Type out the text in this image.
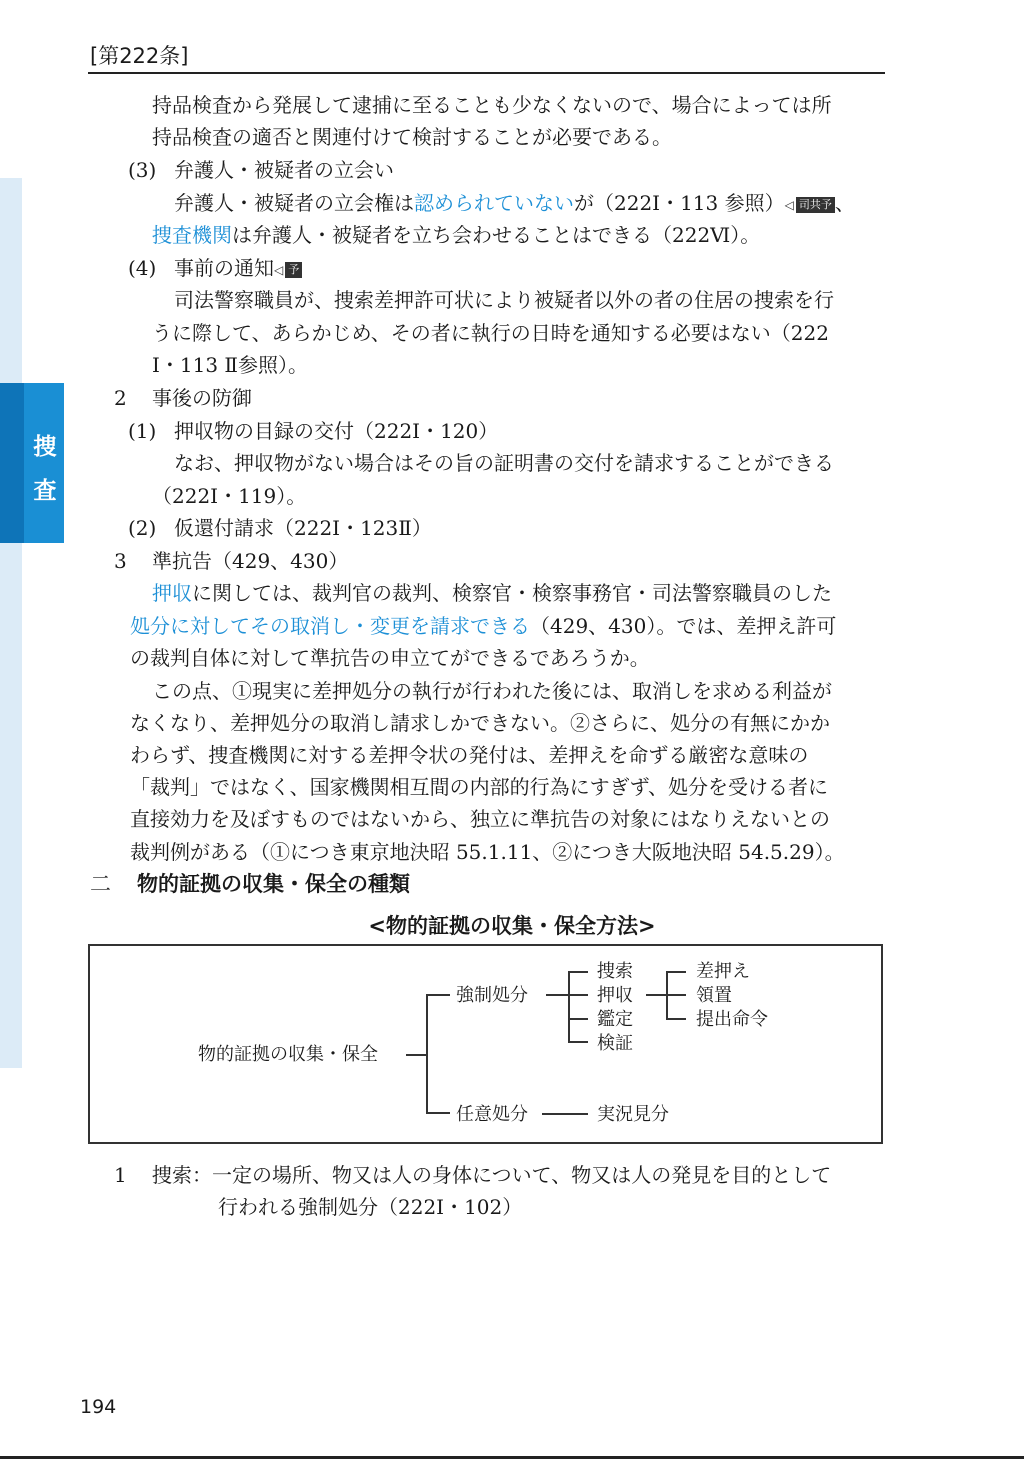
捜
査
[第222条]
持品検査から発展して逮捕に至ることも少なくないので、場合によっては所
持品検査の適否と関連付けて検討することが必要である。
(3) 弁護人・被疑者の立会い
弁護人・被疑者の立会権は認められていないが（222Ⅰ・113 参照）◁ 司共予 、
捜査機関は弁護人・被疑者を立ち会わせることはできる（222Ⅵ）。
(4) 事前の通知◁ 予
司法警察職員が、捜索差押許可状により被疑者以外の者の住居の捜索を行
うに際して、あらかじめ、その者に執行の日時を通知する必要はない（222
Ⅰ・113 Ⅱ参照）。
2 事後の防御
(1) 押収物の目録の交付（222Ⅰ・120）
なお、押収物がない場合はその旨の証明書の交付を請求することができる
（222Ⅰ・119）。
(2) 仮還付請求（222Ⅰ・123Ⅱ）
3 準抗告（429、430）
押収に関しては、裁判官の裁判、検察官・検察事務官・司法警察職員のした
処分に対してその取消し・変更を請求できる（429、430）。では、差押え許可
の裁判自体に対して準抗告の申立てができるであろうか。
この点、①現実に差押処分の執行が行われた後には、取消しを求める利益が
なくなり、差押処分の取消し請求しかできない。②さらに、処分の有無にかか
わらず、捜査機関に対する差押令状の発付は、差押えを命ずる厳密な意味の
「裁判」ではなく、国家機関相互間の内部的行為にすぎず、処分を受ける者に
直接効力を及ぼすものではないから、独立に準抗告の対象にはなりえないとの
裁判例がある（①につき東京地決昭 55.1.11、②につき大阪地決昭 54.5.29）。
二 物的証拠の収集・保全の種類
<物的証拠の収集・保全方法>
物的証拠の収集・保全
強制処分
任意処分
捜索
押収
鑑定
検証
差押え
領置
提出命令
実況見分
1 捜索：一定の場所、物又は人の身体について、物又は人の発見を目的として
行われる強制処分（222Ⅰ・102）
194
